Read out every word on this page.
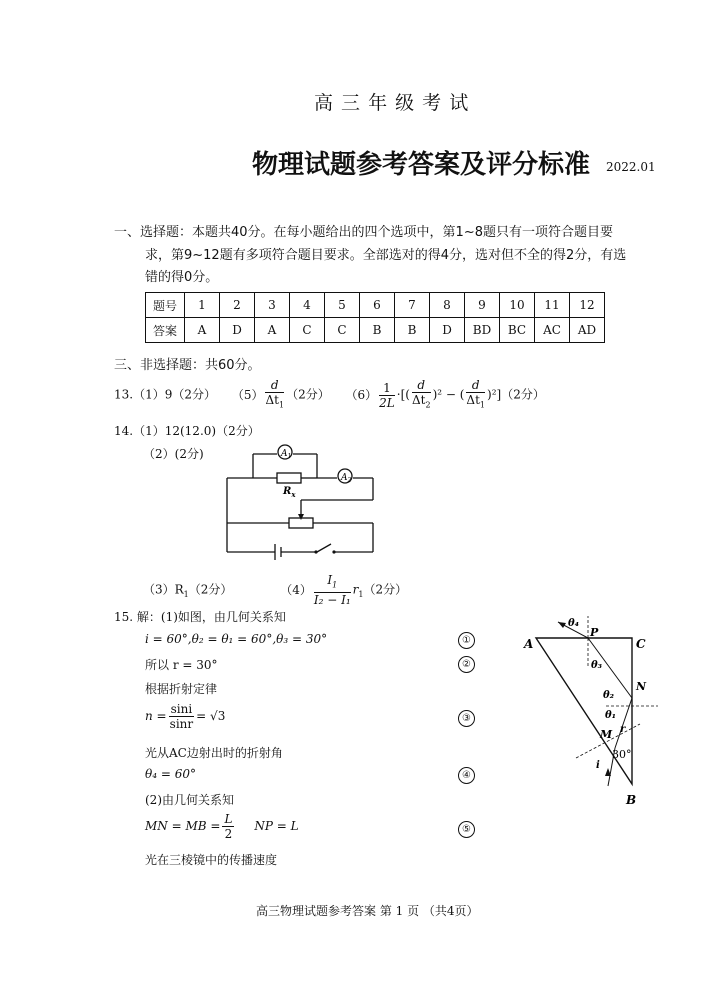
高 三 年 级 考 试
物理试题参考答案及评分标准 2022.01
一、选择题：本题共40分。在每小题给出的四个选项中，第1~8题只有一项符合题目要
求，第9~12题有多项符合题目要求。全部选对的得4分，选对但不全的得2分，有选
错的得0分。
题号	1	2	3	4	5	6	7	8	9	10	11	12
答案	A	D	A	C	C	B	B	D	BD	BC	AC	AD
三、非选择题：共60分。
13.（1）9（2分） $(5) \frac{d}{\Delta t_1} (2$分） $(6) \frac{1}{2L}$ ·[( $\frac{d}{\Delta t_2} )^2$ − ( $\frac{d}{\Delta t_1} )^2](2$分）
14.（1）12(12.0)（2分）
（2）(2分)	$A_1$
$A_2$
$R_x$
$(3)R_1(2$分）	$(4) \frac{I_1}{\text{I₂ − I₁}} r_1(2$分）
15. 解：(1)如图，由几何关系知
i = 60°,θ₂ = θ₁ = 60°,θ₃ = 30°
所以 r = 30°
根据折射定律
$n = \frac{\sin i}{\sin r} = √3$
光从AC边射出时的折射角
θ₄ = 60°
(2)由几何关系知
MN = MB = $\frac{L}{2}$ NP = L
光在三棱镜中的传播速度
①
②
③
④
⑤
A
B
C
P
N
M
θ₄
θ₃
θ₂
θ₁
r
i
30°
高三物理试题参考答案 第 1 页 （共4页）
